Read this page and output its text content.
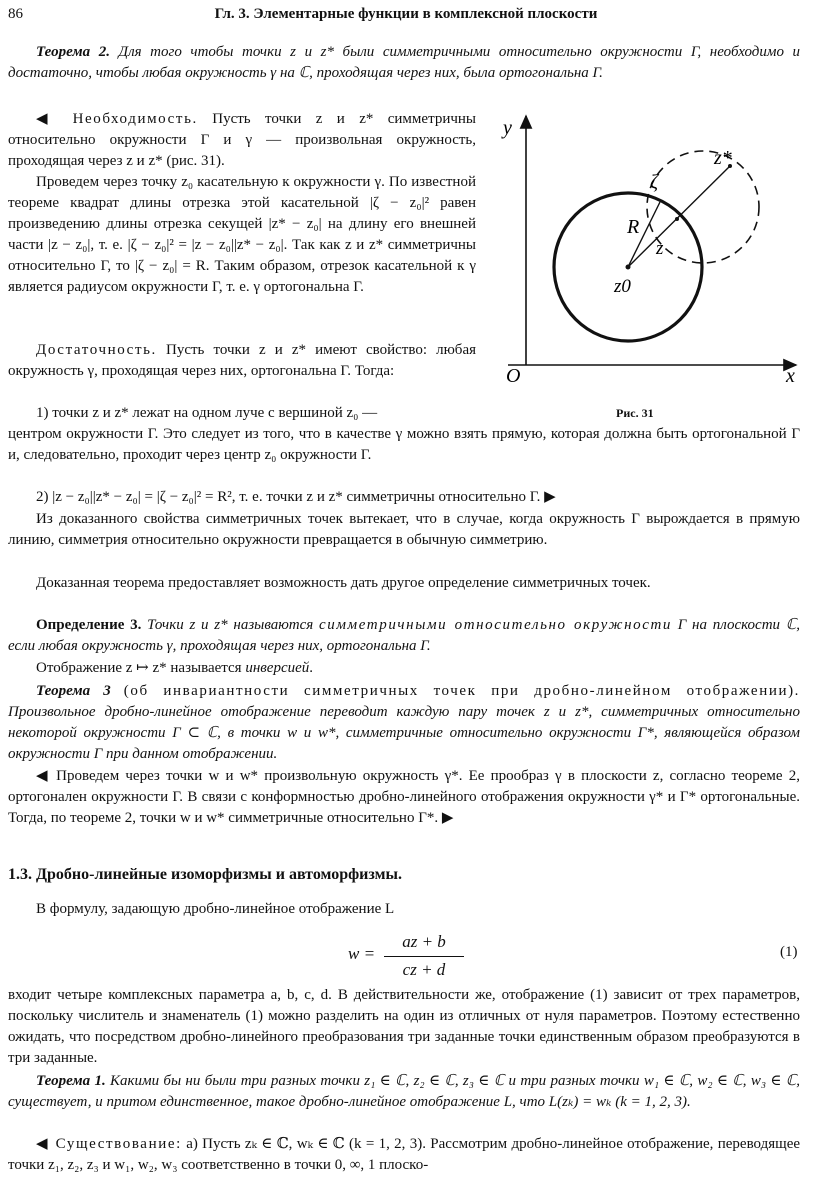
86	Гл. 3. Элементарные функции в комплексной плоскости
Теорема 2. Для того чтобы точки z и z* были симметричными относительно окружности Γ, необходимо и достаточно, чтобы любая окружность γ на ℂ, проходящая через них, была ортогональна Γ.
◀ Необходимость. Пусть точки z и z* симметричны относительно окружности Γ и γ — произвольная окружность, проходящая через z и z* (рис. 31).
Проведем через точку z₀ касательную к окружности γ. По известной теореме квадрат длины отрезка этой касательной |ζ − z₀|² равен произведению длины отрезка секущей |z* − z₀| на длину его внешней части |z − z₀|, т. е. |ζ − z₀|² = |z − z₀||z* − z₀|. Так как z и z* симметричны относительно Γ, то |ζ − z₀| = R. Таким образом, отрезок касательной к γ является радиусом окружности Γ, т. е. γ ортогональна Γ.
Достаточность. Пусть точки z и z* имеют свойство: любая окружность γ, проходящая через них, ортогональна Γ. Тогда:
1) точки z и z* лежат на одном луче с вершиной z₀ —
центром окружности Γ. Это следует из того, что в качестве γ можно взять прямую, которая должна быть ортогональной Γ и, следовательно, проходит через центр z₀ окружности Γ.
2) |z − z₀||z* − z₀| = |ζ − z₀|² = R², т. е. точки z и z* симметричны относительно Γ. ▶
Из доказанного свойства симметричных точек вытекает, что в случае, когда окружность Γ вырождается в прямую линию, симметрия относительно окружности превращается в обычную симметрию.
Доказанная теорема предоставляет возможность дать другое определение симметричных точек.
Определение 3. Точки z и z* называются симметричными относительно окружности Γ на плоскости ℂ, если любая окружность γ, проходящая через них, ортогональна Γ.
Отображение z ↦ z* называется инверсией.
Теорема 3 (об инвариантности симметричных точек при дробно-линейном отображении). Произвольное дробно-линейное отображение переводит каждую пару точек z и z*, симметричных относительно некоторой окружности Γ ⊂ ℂ, в точки w и w*, симметричные относительно окружности Γ*, являющейся образом окружности Γ при данном отображении.
◀ Проведем через точки w и w* произвольную окружность γ*. Ее прообраз γ в плоскости z, согласно теореме 2, ортогонален окружности Γ. В связи с конформностью дробно-линейного отображения окружности γ* и Γ* ортогональные. Тогда, по теореме 2, точки w и w* симметричные относительно Γ*. ▶
1.3. Дробно-линейные изоморфизмы и автоморфизмы.
В формулу, задающую дробно-линейное отображение L
w =
az + b
cz + d
(1)
входит четыре комплексных параметра a, b, c, d. В действительности же, отображение (1) зависит от трех параметров, поскольку числитель и знаменатель (1) можно разделить на один из отличных от нуля параметров. Поэтому естественно ожидать, что посредством дробно-линейного преобразования три заданные точки единственным образом преобразуются в три заданные.
Теорема 1. Какими бы ни были три разных точки z₁ ∈ ℂ, z₂ ∈ ℂ, z₃ ∈ ℂ и три разных точки w₁ ∈ ℂ, w₂ ∈ ℂ, w₃ ∈ ℂ, существует, и притом единственное, такое дробно-линейное отображение L, что L(zₖ) = wₖ (k = 1, 2, 3).
◀ Существование: а) Пусть zₖ ∈ ℂ, wₖ ∈ ℂ (k = 1, 2, 3). Рассмотрим дробно-линейное отображение, переводящее точки z₁, z₂, z₃ и w₁, w₂, w₃ соответственно в точки 0, ∞, 1 плоско-
y
x
O
ζ
z*
R
z
z0
Рис. 31
